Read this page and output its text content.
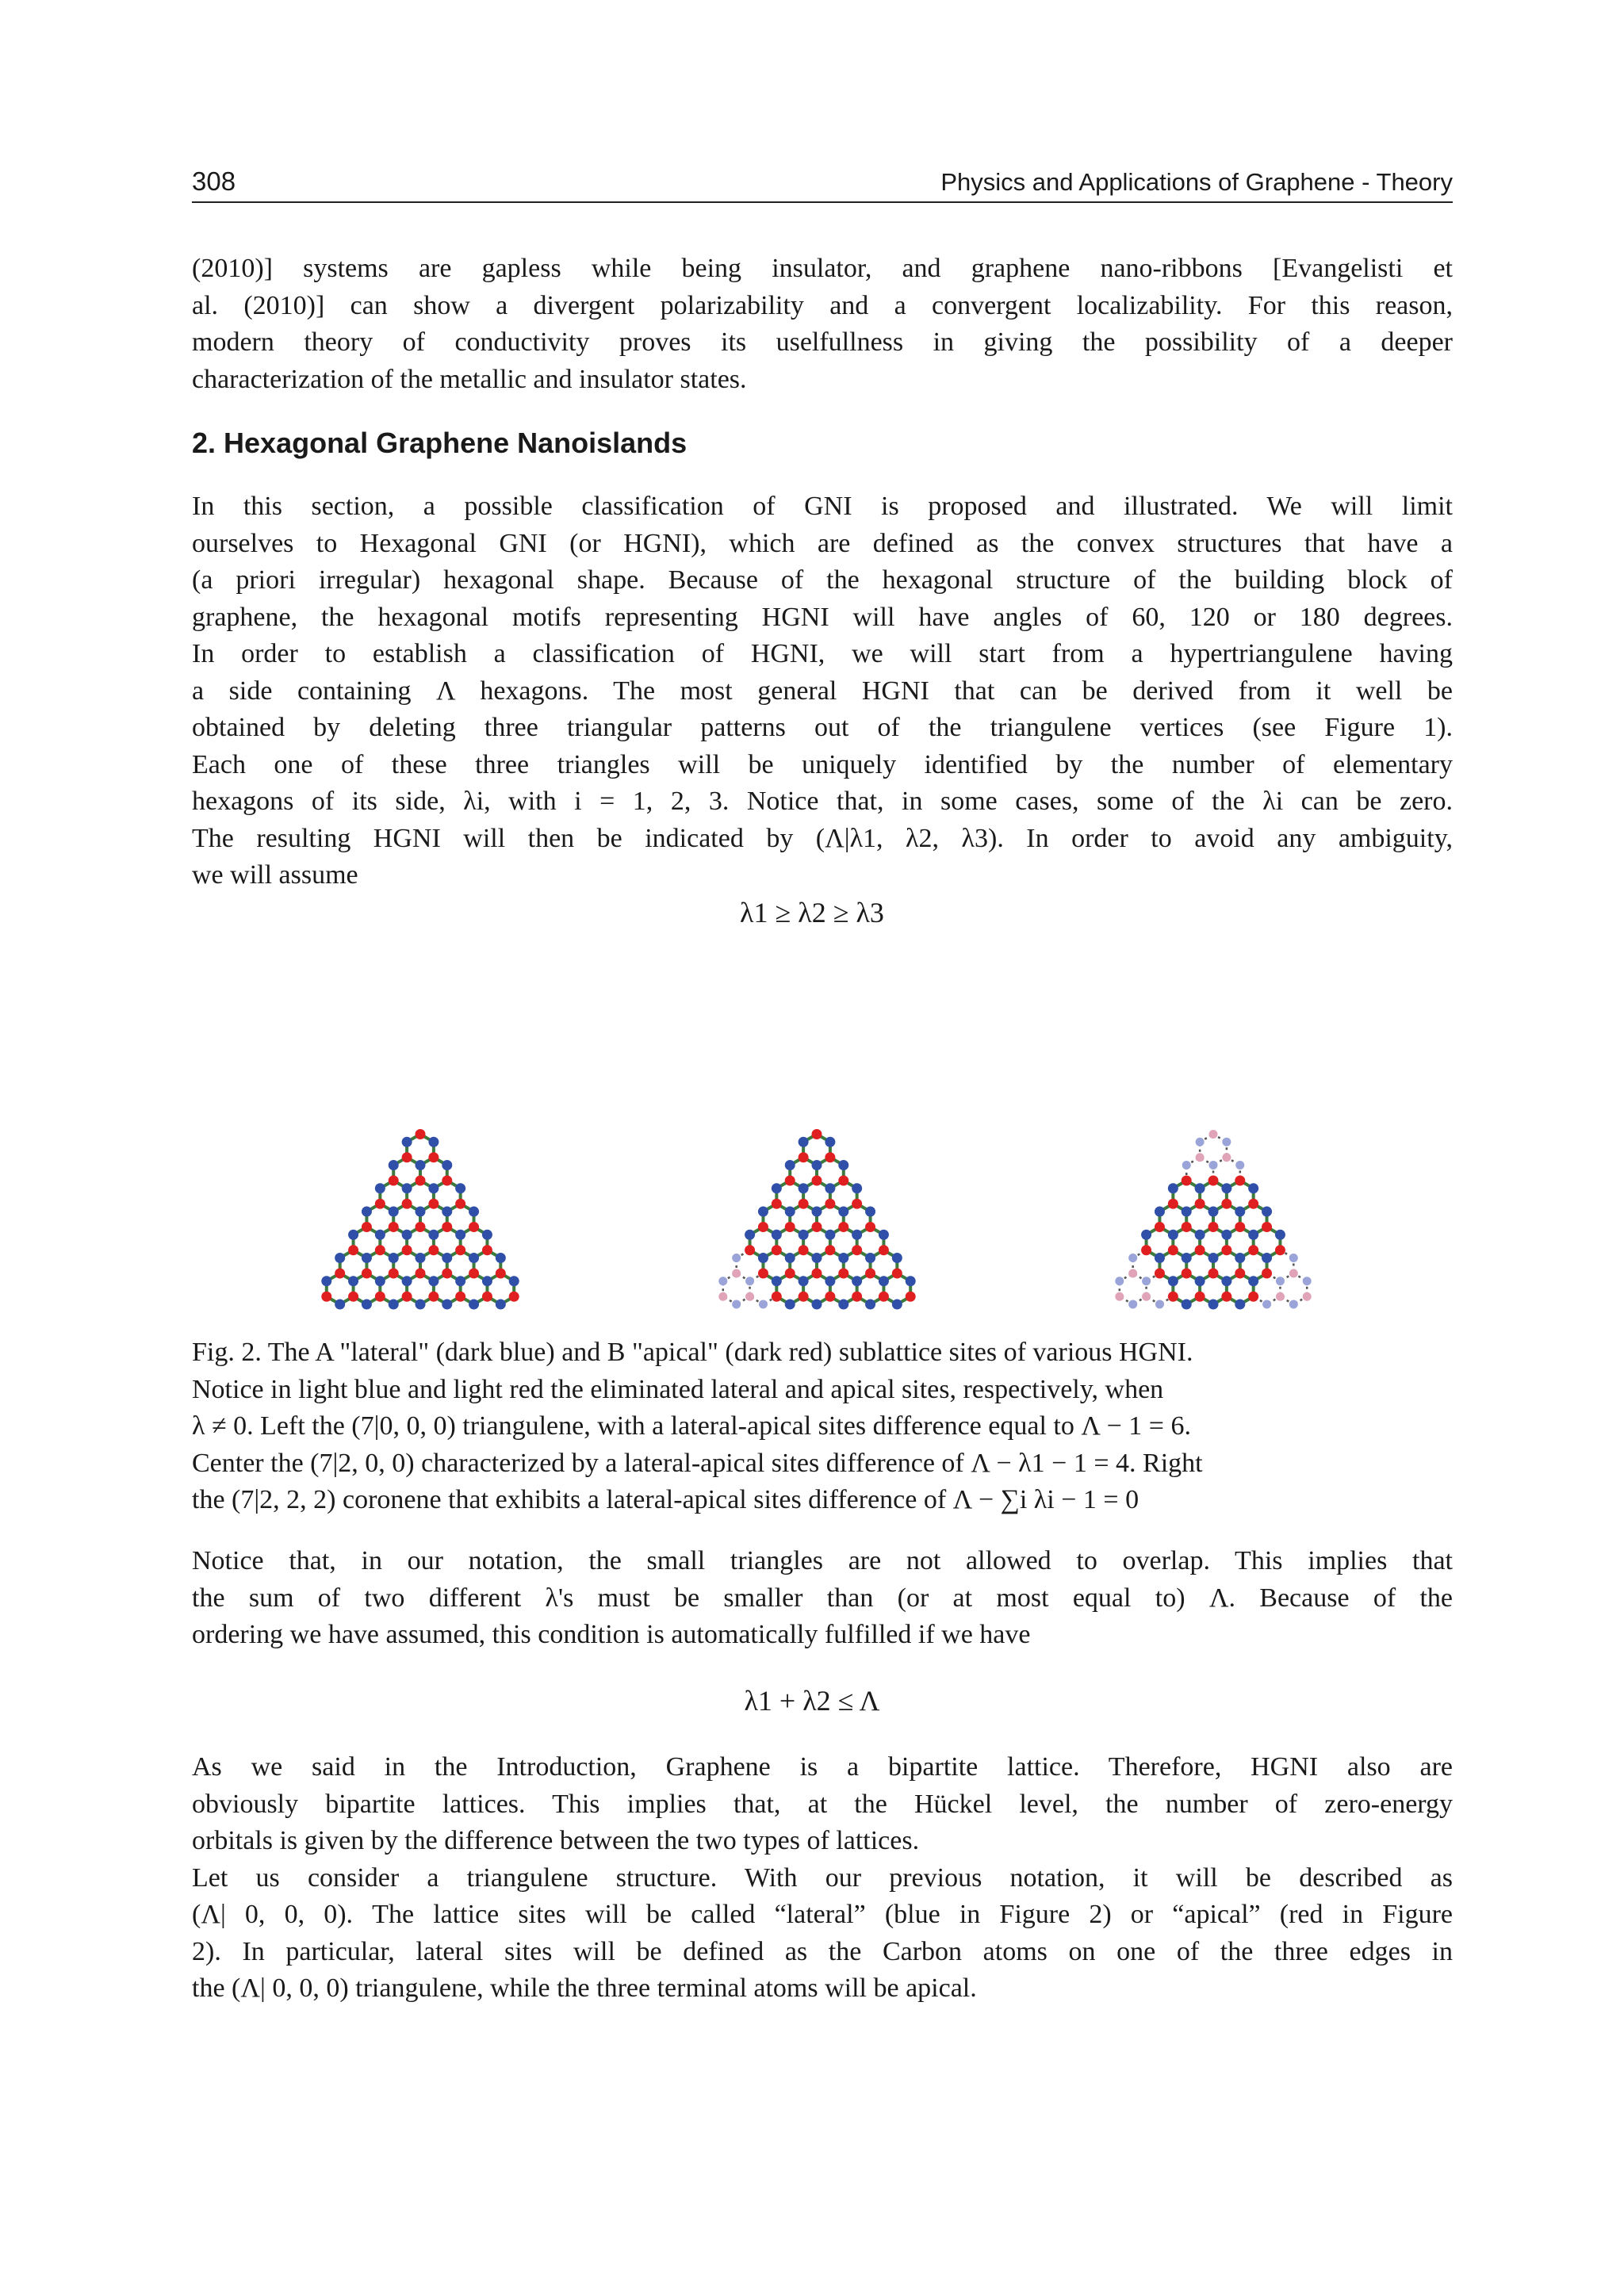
308	Physics and Applications of Graphene - Theory
(2010)] systems are gapless while being insulator, and graphene nano-ribbons [Evangelisti et
al. (2010)] can show a divergent polarizability and a convergent localizability. For this reason,
modern theory of conductivity proves its uselfullness in giving the possibility of a deeper
characterization of the metallic and insulator states.
2. Hexagonal Graphene Nanoislands
In this section, a possible classification of GNI is proposed and illustrated. We will limit
ourselves to Hexagonal GNI (or HGNI), which are defined as the convex structures that have a
(a priori irregular) hexagonal shape. Because of the hexagonal structure of the building block of
graphene, the hexagonal motifs representing HGNI will have angles of 60, 120 or 180 degrees.
In order to establish a classification of HGNI, we will start from a hypertriangulene having
a side containing Λ hexagons. The most general HGNI that can be derived from it well be
obtained by deleting three triangular patterns out of the triangulene vertices (see Figure 1).
Each one of these three triangles will be uniquely identified by the number of elementary
hexagons of its side, λi, with i = 1, 2, 3. Notice that, in some cases, some of the λi can be zero.
The resulting HGNI will then be indicated by (Λ|λ1, λ2, λ3). In order to avoid any ambiguity,
we will assume
λ1 ≥ λ2 ≥ λ3
Fig. 2. The A "lateral" (dark blue) and B "apical" (dark red) sublattice sites of various HGNI.
Notice in light blue and light red the eliminated lateral and apical sites, respectively, when
λ ≠ 0. Left the (7|0, 0, 0) triangulene, with a lateral-apical sites difference equal to Λ − 1 = 6.
Center the (7|2, 0, 0) characterized by a lateral-apical sites difference of Λ − λ1 − 1 = 4. Right
the (7|2, 2, 2) coronene that exhibits a lateral-apical sites difference of Λ − ∑i λi − 1 = 0
Notice that, in our notation, the small triangles are not allowed to overlap. This implies that
the sum of two different λ's must be smaller than (or at most equal to) Λ. Because of the
ordering we have assumed, this condition is automatically fulfilled if we have
λ1 + λ2 ≤ Λ
As we said in the Introduction, Graphene is a bipartite lattice. Therefore, HGNI also are
obviously bipartite lattices. This implies that, at the Hückel level, the number of zero-energy
orbitals is given by the difference between the two types of lattices.
Let us consider a triangulene structure. With our previous notation, it will be described as
(Λ| 0, 0, 0). The lattice sites will be called “lateral” (blue in Figure 2) or “apical” (red in Figure
2). In particular, lateral sites will be defined as the Carbon atoms on one of the three edges in
the (Λ| 0, 0, 0) triangulene, while the three terminal atoms will be apical.
